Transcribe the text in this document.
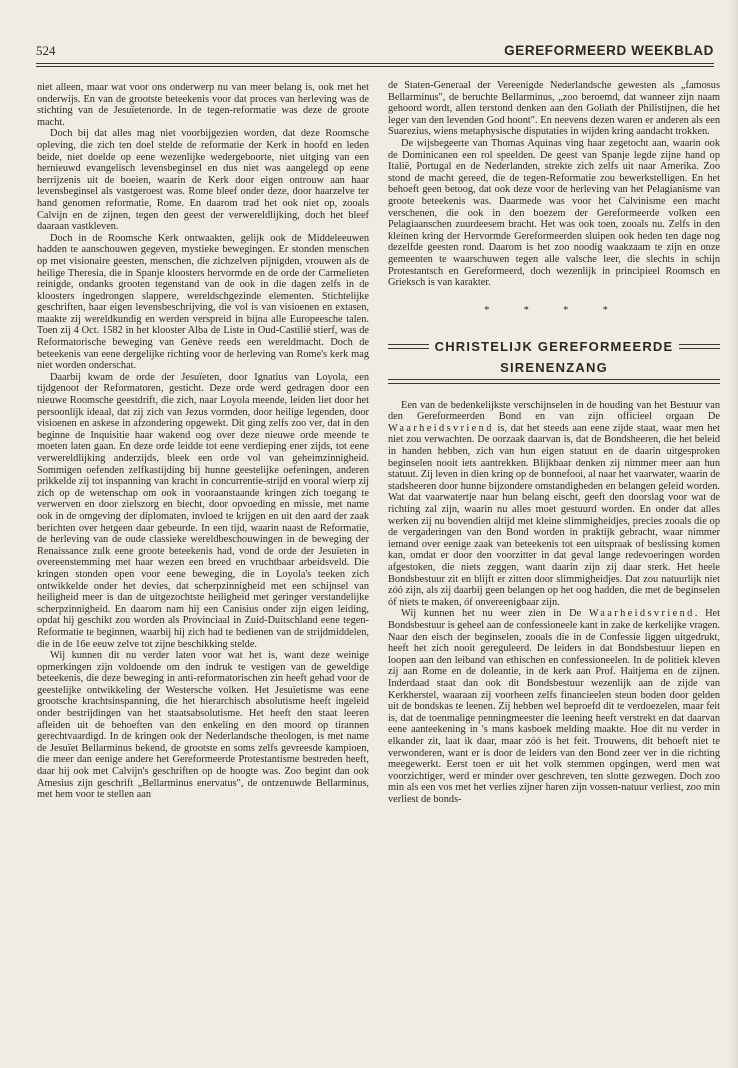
524	GEREFORMEERD WEEKBLAD

niet alleen, maar wat voor ons onderwerp nu van meer belang is, ook met het onderwijs. En van de grootste beteekenis voor dat proces van herleving was de stichting van de Jesuïetenorde. In de tegen-reformatie was deze de groote macht.

Doch bij dat alles mag niet voorbijgezien worden, dat deze Roomsche opleving, die zich ten doel stelde de reformatie der Kerk in hoofd en leden beide, niet doelde op eene wezenlijke wedergeboorte, niet uitging van een hernieuwd evangelisch levensbeginsel en dus niet was aangelegd op eene herrijzenis uit de boeien, waarin de Kerk door eigen ontrouw aan haar levensbeginsel als vastgeroest was. Rome bleef onder deze, door haarzelve ter hand genomen reformatie, Rome. En daarom trad het ook niet op, zooals Calvijn en de zijnen, tegen den geest der verwereldlijking, doch het bleef daaraan vastkleven.

Doch in de Roomsche Kerk ontwaakten, gelijk ook de Middeleeuwen hadden te aanschouwen gegeven, mystieke bewegingen. Er stonden menschen op met visionaire geesten, menschen, die zichzelven pijnigden, vrouwen als de heilige Theresia, die in Spanje kloosters hervormde en de orde der Carmelieten reinigde, ondanks grooten tegenstand van de ook in die dagen zelfs in de kloosters ingedrongen slappere, wereldschgezinde elementen. Stichtelijke geschriften, haar eigen levensbeschrijving, die vol is van visioenen en extasen, maakte zij wereldkundig en werden verspreid in bijna alle Europeesche talen. Toen zij 4 Oct. 1582 in het klooster Alba de Liste in Oud-Castilië stierf, was de Reformatorische beweging van Genève reeds een wereldmacht. Doch de beteekenis van eene dergelijke richting voor de herleving van Rome's kerk mag niet worden onderschat.

Daarbij kwam de orde der Jesuïeten, door Ignatius van Loyola, een tijdgenoot der Reformatoren, gesticht. Deze orde werd gedragen door een nieuwe Roomsche geestdrift, die zich, naar Loyola meende, leiden liet door het persoonlijk ideaal, dat zij zich van Jezus vormden, door heilige legenden, door visioenen en askese in afzondering opgewekt. Dit ging zelfs zoo ver, dat in den beginne de Inquisitie haar wakend oog over deze nieuwe orde meende te moeten laten gaan. En deze orde leidde tot eene verdieping ener zijds, tot eene verwereldlijking anderzijds, bleek een orde vol van geheimzinnigheid. Sommigen oefenden zelfkastijding bij hunne geestelijke oefeningen, anderen prikkelde zij tot inspanning van kracht in concurrentie-strijd en vooral wierp zij zich op de wetenschap om ook in vooraanstaande kringen zich toegang te verwerven en door zielszorg en biecht, door opvoeding en missie, met name ook in de omgeving der diplomaten, invloed te krijgen en uit den aard der zaak berichten over hetgeen daar gebeurde. In een tijd, waarin naast de Reformatie, de herleving van de oude classieke wereldbeschouwingen in de beweging der Renaissance zulk eene groote beteekenis had, vond de orde der Jesuïeten in overeenstemming met haar wezen een breed en vruchtbaar arbeidsveld. Die kringen stonden open voor eene beweging, die in Loyola's teeken zich ontwikkelde onder het devies, dat scherpzinnigheid met een schijnsel van heiligheid meer is dan de uitgezochtste heiligheid met geringer verstandelijke scherpzinnigheid. En daarom nam hij een Canisius onder zijn eigen leiding, opdat hij geschikt zou worden als Provinciaal in Zuid-Duitschland eene tegen-Reformatie te beginnen, waarbij hij zich had te bedienen van de strijdmiddelen, die in de 16e eeuw zelve tot zijne beschikking stelde.

Wij kunnen dit nu verder laten voor wat het is, want deze weinige opmerkingen zijn voldoende om den indruk te vestigen van de geweldige beteekenis, die deze beweging in anti-reformatorischen zin heeft gehad voor de geestelijke ontwikkeling der Westersche volken. Het Jesuïetisme was eene grootsche krachtsinspanning, die het hierarchisch absolutisme heeft ingeleid onder bestrijdingen van het staatsabsolutisme. Het heeft den staat leeren afleiden uit de behoeften van den enkeling en den moord op tirannen gerechtvaardigd. In de kringen ook der Nederlandsche theologen, is met name de Jesuïet Bellarminus bekend, de grootste en soms zelfs gevreesde kampioen, die meer dan eenige andere het Gereformeerde Protestantisme bestreden heeft, daar hij ook met Calvijn's geschriften op de hoogte was. Zoo begint dan ook Amesius zijn geschrift „Bellarminus enervatus", de ontzenuwde Bellarminus, met hem voor te stellen aan

de Staten-Generaal der Vereenigde Nederlandsche gewesten als „famosus Bellarminus", de beruchte Bellarminus, „zoo beroemd, dat wanneer zijn naam gehoord wordt, allen terstond denken aan den Goliath der Philistijnen, die het leger van den levenden God hoont". En neevens dezen waren er anderen als een Suarezius, wiens metaphysische disputaties in wijden kring aandacht trokken.

De wijsbegeerte van Thomas Aquinas ving haar zegetocht aan, waarin ook de Dominicanen een rol speelden. De geest van Spanje legde zijne hand op Italië, Portugal en de Nederlanden, strekte zich zelfs uit naar Amerika. Zoo stond de macht gereed, die de tegen-Reformatie zou bewerkstelligen. En het behoeft geen betoog, dat ook deze voor de herleving van het Pelagianisme van groote beteekenis was. Daarmede was voor het Calvinisme een macht verschenen, die ook in den boezem der Gereformeerde volken een Pelagiaanschen zuurdeesem bracht. Het was ook toen, zooals nu. Zelfs in den kleinen kring der Hervormde Gereformeerden sluipen ook heden ten dage nog dezelfde geesten rond. Daarom is het zoo noodig waakzaam te zijn en onze gemeenten te waarschuwen tegen alle valsche leer, die slechts in schijn Protestantsch en Gereformeerd, doch wezenlijk in principieel Roomsch en Grieksch is van karakter.

* * * *
CHRISTELIJK GEREFORMEERDE
SIRENENZANG

Een van de bedenkelijkste verschijnselen in de houding van het Bestuur van den Gereformeerden Bond en van zijn officieel orgaan De Waarheidsvriend is, dat het steeds aan eene zijde staat, waar men het niet zou verwachten. De oorzaak daarvan is, dat de Bondsheeren, die het beleid in handen hebben, zich van hun eigen statuut en de daarin uitgesproken beginselen nooit iets aantrekken. Blijkbaar denken zij nimmer meer aan hun statuut. Zij leven in dien kring op de bonnefooi, al naar het vaarwater, waarin de stadsheeren door hunne bijzondere omstandigheden en belangen geleid worden. Wat dat vaarwatertje naar hun belang eischt, geeft den doorslag voor wat de richting zal zijn, waarin nu alles moet gestuurd worden. En onder dat alles werken zij nu bovendien altijd met kleine slimmigheidjes, precies zooals die op de vergaderingen van den Bond worden in praktijk gebracht, waar nimmer iemand over eenige zaak van beteekenis tot een uitspraak of beslissing komen kan, omdat er door den voorzitter in dat geval lange redevoeringen worden afgestoken, die niets zeggen, want daarin zijn zij daar sterk. Het heele Bondsbestuur zit en blijft er zitten door slimmigheidjes. Dat zou natuurlijk niet zóó zijn, als zij daarbij geen belangen op het oog hadden, die met de beginselen óf niets te maken, óf onvereenigbaar zijn.

Wij kunnen het nu weer zien in De Waarheidsvriend. Het Bondsbestuur is geheel aan de confessioneele kant in zake de kerkelijke vragen. Naar den eisch der beginselen, zooals die in de Confessie liggen uitgedrukt, heeft het zich nooit gereguleerd. De leiders in dat Bondsbestuur liepen en loopen aan den leiband van ethischen en confessioneelen. In de politiek kleven zij aan Rome en de doleantie, in de kerk aan Prof. Haitjema en de zijnen. Inderdaad staat dan ook dit Bondsbestuur wezenlijk aan de zijde van Kerkherstel, waaraan zij voorheen zelfs financieelen steun boden door gelden uit de bondskas te leenen. Zij hebben wel beproefd dit te verdoezelen, maar feit is, dat de toenmalige penningmeester die leening heeft verstrekt en dat daarvan eene aanteekening in 's mans kasboek melding maakte. Hoe dit nu verder in elkander zit, laat ik daar, maar zóó is het feit. Trouwens, dit behoeft niet te verwonderen, want er is door de leiders van den Bond zeer ver in die richting meegewerkt. Eerst toen er uit het volk stemmen opgingen, werd men wat voorzichtiger, werd er minder over geschreven, ten slotte gezwegen. Doch zoo min als een vos met het verlies zijner haren zijn vossen-natuur verliest, zoo min verliest de bonds-
